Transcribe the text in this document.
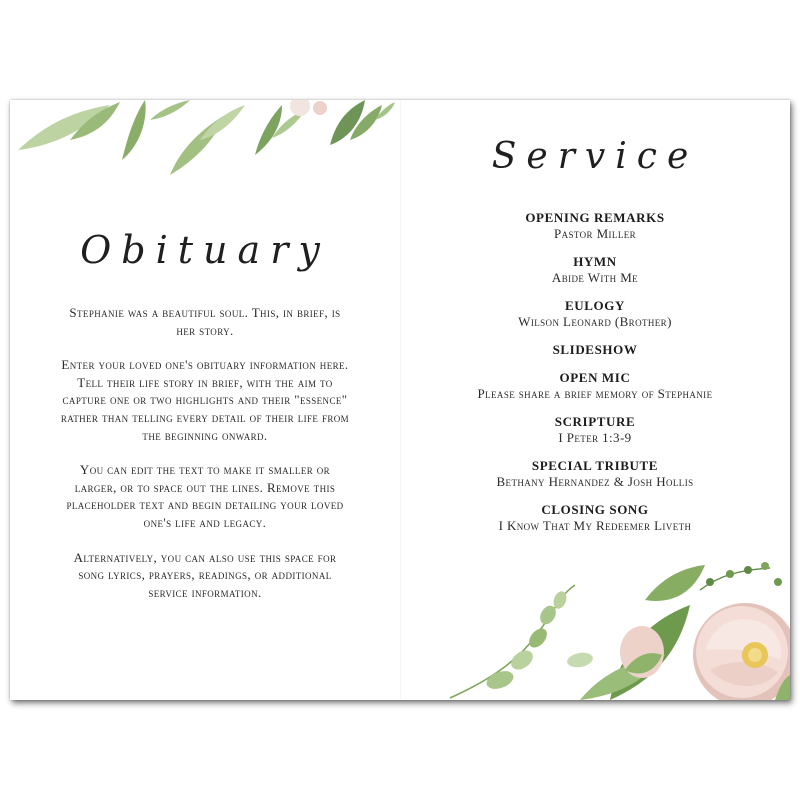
Obituary

Stephanie was a beautiful soul. This, in brief, is her story.

Enter your loved one's obituary information here. Tell their life story in brief, with the aim to capture one or two highlights and their "essence" rather than telling every detail of their life from the beginning onward.

You can edit the text to make it smaller or larger, or to space out the lines. Remove this placeholder text and begin detailing your loved one's life and legacy.

Alternatively, you can also use this space for song lyrics, prayers, readings, or additional service information.

Service
OPENING REMARKS
Pastor Miller
HYMN
Abide With Me
EULOGY
Wilson Leonard (Brother)
SLIDESHOW
OPEN MIC
Please share a brief memory of Stephanie
SCRIPTURE
I Peter 1:3-9
SPECIAL TRIBUTE
Bethany Hernandez & Josh Hollis
CLOSING SONG
I Know That My Redeemer Liveth
